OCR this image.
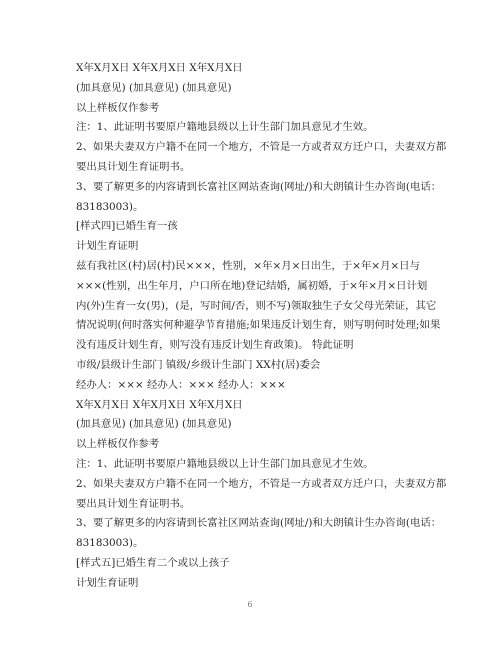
X年X月X日 X年X月X日 X年X月X日
(加具意见) (加具意见) (加具意见)
以上样板仅作参考
注：1、此证明书要原户籍地县级以上计生部门加具意见才生效。
2、如果夫妻双方户籍不在同一个地方，不管是一方或者双方迁户口，夫妻双方都
要出具计划生育证明书。
3、要了解更多的内容请到长富社区网站查询(网址/)和大朗镇计生办咨询(电话：
83183003)。
[样式四]已婚生育一孩
计划生育证明
兹有我社区(村)居(村)民×××，性别，×年×月×日出生，于×年×月×日与
×××(性别，出生年月，户口所在地)登记结婚，属初婚，于×年×月×日计划
内(外)生育一女(男)，(是，写时间/否，则不写)领取独生子女父母光荣证，其它
情况说明(何时落实何种避孕节育措施;如果违反计划生育，则写明何时处理;如果
没有违反计划生育，则写没有违反计划生育政策)。 特此证明
市级/县级计生部门 镇级/乡级计生部门 XX村(居)委会
经办人：××× 经办人：××× 经办人：×××
X年X月X日 X年X月X日 X年X月X日
(加具意见) (加具意见) (加具意见)
以上样板仅作参考
注：1、此证明书要原户籍地县级以上计生部门加具意见才生效。
2、如果夫妻双方户籍不在同一个地方，不管是一方或者双方迁户口，夫妻双方都
要出具计划生育证明书。
3、要了解更多的内容请到长富社区网站查询(网址/)和大朗镇计生办咨询(电话：
83183003)。
[样式五]已婚生育二个或以上孩子
计划生育证明
6
